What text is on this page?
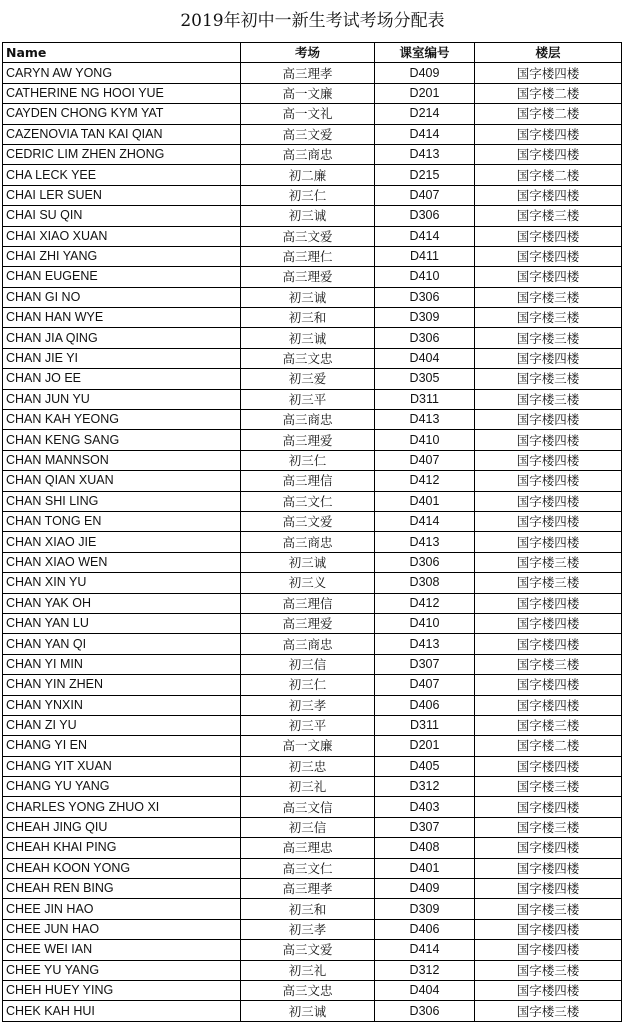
2019年初中一新生考试考场分配表
Name	考场	课室编号	楼层
CARYN AW YONG	高三理孝	D409	国字楼四楼
CATHERINE NG HOOI YUE	高一文廉	D201	国字楼二楼
CAYDEN CHONG KYM YAT	高一文礼	D214	国字楼二楼
CAZENOVIA TAN KAI QIAN	高三文爱	D414	国字楼四楼
CEDRIC LIM ZHEN ZHONG	高三商忠	D413	国字楼四楼
CHA LECK YEE	初二廉	D215	国字楼二楼
CHAI LER SUEN	初三仁	D407	国字楼四楼
CHAI SU QIN	初三诚	D306	国字楼三楼
CHAI XIAO XUAN	高三文爱	D414	国字楼四楼
CHAI ZHI YANG	高三理仁	D411	国字楼四楼
CHAN EUGENE	高三理爱	D410	国字楼四楼
CHAN GI NO	初三诚	D306	国字楼三楼
CHAN HAN WYE	初三和	D309	国字楼三楼
CHAN JIA QING	初三诚	D306	国字楼三楼
CHAN JIE YI	高三文忠	D404	国字楼四楼
CHAN JO EE	初三爱	D305	国字楼三楼
CHAN JUN YU	初三平	D311	国字楼三楼
CHAN KAH YEONG	高三商忠	D413	国字楼四楼
CHAN KENG SANG	高三理爱	D410	国字楼四楼
CHAN MANNSON	初三仁	D407	国字楼四楼
CHAN QIAN XUAN	高三理信	D412	国字楼四楼
CHAN SHI LING	高三文仁	D401	国字楼四楼
CHAN TONG EN	高三文爱	D414	国字楼四楼
CHAN XIAO JIE	高三商忠	D413	国字楼四楼
CHAN XIAO WEN	初三诚	D306	国字楼三楼
CHAN XIN YU	初三义	D308	国字楼三楼
CHAN YAK OH	高三理信	D412	国字楼四楼
CHAN YAN LU	高三理爱	D410	国字楼四楼
CHAN YAN QI	高三商忠	D413	国字楼四楼
CHAN YI MIN	初三信	D307	国字楼三楼
CHAN YIN ZHEN	初三仁	D407	国字楼四楼
CHAN YNXIN	初三孝	D406	国字楼四楼
CHAN ZI YU	初三平	D311	国字楼三楼
CHANG YI EN	高一文廉	D201	国字楼二楼
CHANG YIT XUAN	初三忠	D405	国字楼四楼
CHANG YU YANG	初三礼	D312	国字楼三楼
CHARLES YONG ZHUO XI	高三文信	D403	国字楼四楼
CHEAH JING QIU	初三信	D307	国字楼三楼
CHEAH KHAI PING	高三理忠	D408	国字楼四楼
CHEAH KOON YONG	高三文仁	D401	国字楼四楼
CHEAH REN BING	高三理孝	D409	国字楼四楼
CHEE JIN HAO	初三和	D309	国字楼三楼
CHEE JUN HAO	初三孝	D406	国字楼四楼
CHEE WEI IAN	高三文爱	D414	国字楼四楼
CHEE YU YANG	初三礼	D312	国字楼三楼
CHEH HUEY YING	高三文忠	D404	国字楼四楼
CHEK KAH HUI	初三诚	D306	国字楼三楼
